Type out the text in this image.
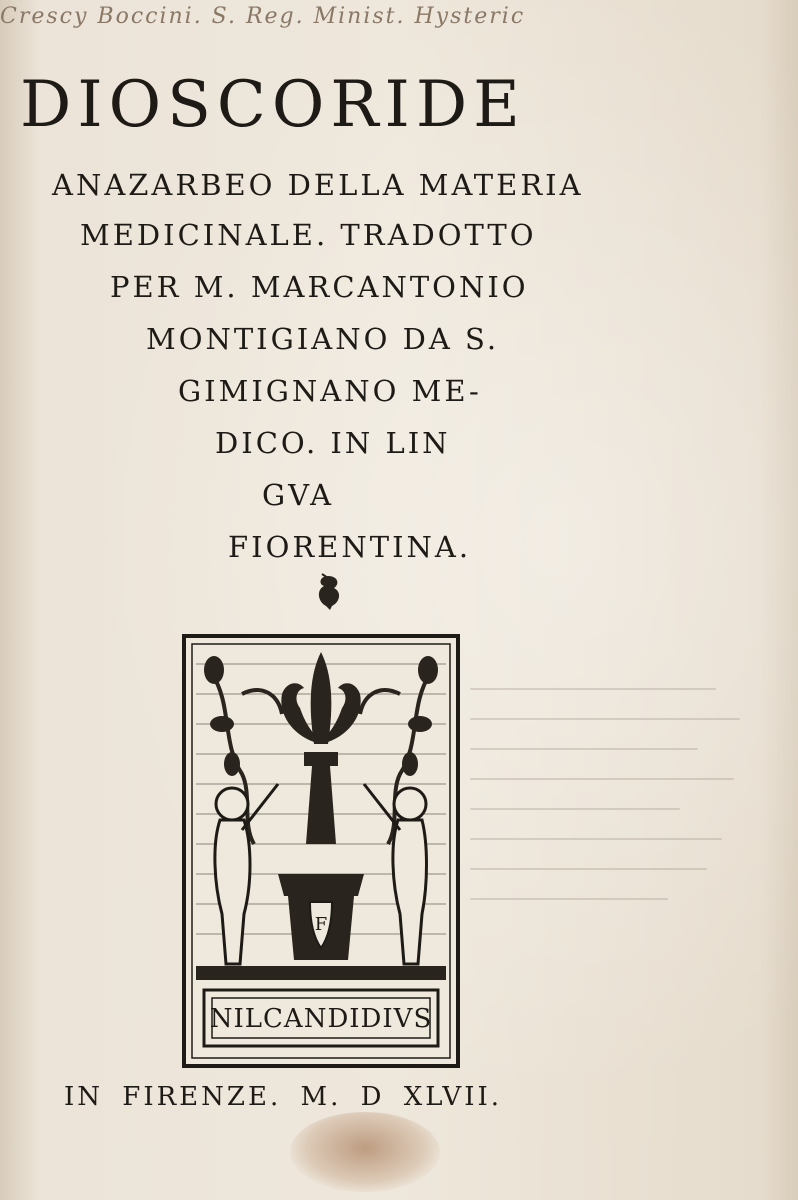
Crescy Boccini. S. Reg. Minist. Hysteric
DIOSCORIDE
ANAZARBEO DELLA MATERIA
MEDICINALE. TRADOTTO
PER M. MARCANTONIO
MONTIGIANO DA S.
GIMIGNANO ME-
DICO. IN LIN
GVA
FIORENTINA.
F
NILCANDIDIVS
IN FIRENZE. M. D XLVII.
